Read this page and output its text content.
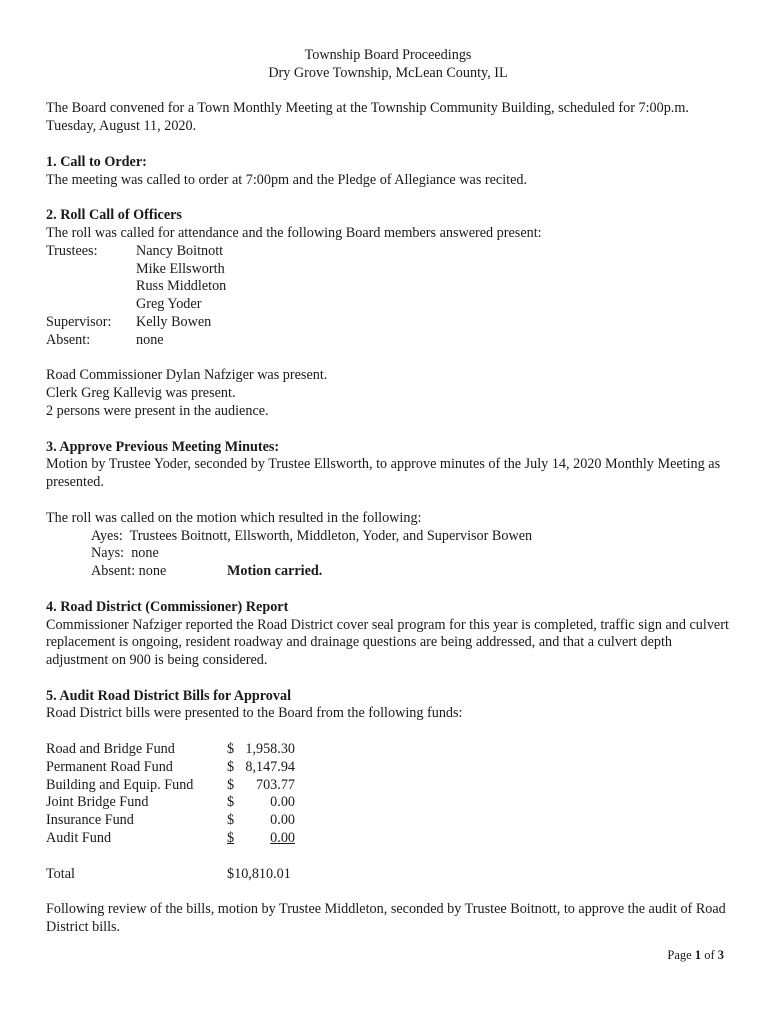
Township Board Proceedings

Dry Grove Township, McLean County, IL

The Board convened for a Town Monthly Meeting at the Township Community Building, scheduled for 7:00p.m. Tuesday, August 11, 2020.

1. Call to Order:

The meeting was called to order at 7:00pm and the Pledge of Allegiance was recited.

2. Roll Call of Officers

The roll was called for attendance and the following Board members answered present:

Trustees:	Nancy Boitnott
Mike Ellsworth
Russ Middleton
Greg Yoder
Supervisor:	Kelly Bowen
Absent:	none

Road Commissioner Dylan Nafziger was present.

Clerk Greg Kallevig was present.

2 persons were present in the audience.

3. Approve Previous Meeting Minutes:

Motion by Trustee Yoder, seconded by Trustee Ellsworth, to approve minutes of the July 14, 2020 Monthly Meeting as presented.

The roll was called on the motion which resulted in the following:

Ayes:  Trustees Boitnott, Ellsworth, Middleton, Yoder, and Supervisor Bowen

Nays:  none

Absent: none	Motion carried.

4. Road District (Commissioner) Report

Commissioner Nafziger reported the Road District cover seal program for this year is completed, traffic sign and culvert replacement is ongoing, resident roadway and drainage questions are being addressed, and that a culvert depth adjustment on 900 is being considered.

5. Audit Road District Bills for Approval

Road District bills were presented to the Board from the following funds:

Road and Bridge Fund	$ 1,958.30
Permanent Road Fund	$ 8,147.94
Building and Equip. Fund	$ 703.77
Joint Bridge Fund	$	0.00
Insurance Fund	$	0.00
Audit Fund	$	0.00
Total	$10,810.01

Following review of the bills, motion by Trustee Middleton, seconded by Trustee Boitnott, to approve the audit of Road District bills.

Page 1 of 3
